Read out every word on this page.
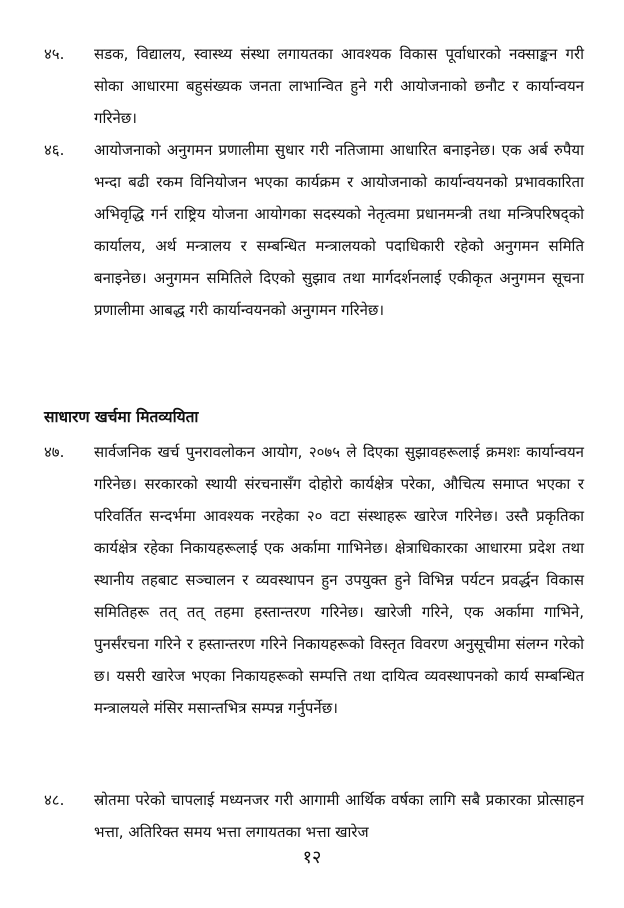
४५.	सडक, विद्यालय, स्वास्थ्य संस्था लगायतका आवश्यक विकास पूर्वाधारको नक्साङ्कन गरी सोका आधारमा बहुसंख्यक जनता लाभान्वित हुने गरी आयोजनाको छनौट र कार्यान्वयन गरिनेछ।
४६.	आयोजनाको अनुगमन प्रणालीमा सुधार गरी नतिजामा आधारित बनाइनेछ। एक अर्ब रुपैया भन्दा बढी रकम विनियोजन भएका कार्यक्रम र आयोजनाको कार्यान्वयनको प्रभावकारिता अभिवृद्धि गर्न राष्ट्रिय योजना आयोगका सदस्यको नेतृत्वमा प्रधानमन्त्री तथा मन्त्रिपरिषद्को कार्यालय, अर्थ मन्त्रालय र सम्बन्धित मन्त्रालयको पदाधिकारी रहेको अनुगमन समिति बनाइनेछ। अनुगमन समितिले दिएको सुझाव तथा मार्गदर्शनलाई एकीकृत अनुगमन सूचना प्रणालीमा आबद्ध गरी कार्यान्वयनको अनुगमन गरिनेछ।
साधारण खर्चमा मितव्ययिता
४७.	सार्वजनिक खर्च पुनरावलोकन आयोग, २०७५ ले दिएका सुझावहरूलाई क्रमशः कार्यान्वयन गरिनेछ। सरकारको स्थायी संरचनासँग दोहोरो कार्यक्षेत्र परेका, औचित्य समाप्त भएका र परिवर्तित सन्दर्भमा आवश्यक नरहेका २० वटा संस्थाहरू खारेज गरिनेछ। उस्तै प्रकृतिका कार्यक्षेत्र रहेका निकायहरूलाई एक अर्कामा गाभिनेछ। क्षेत्राधिकारका आधारमा प्रदेश तथा स्थानीय तहबाट सञ्चालन र व्यवस्थापन हुन उपयुक्त हुने विभिन्न पर्यटन प्रवर्द्धन विकास समितिहरू तत् तत् तहमा हस्तान्तरण गरिनेछ। खारेजी गरिने, एक अर्कामा गाभिने, पुनर्संरचना गरिने र हस्तान्तरण गरिने निकायहरूको विस्तृत विवरण अनुसूचीमा संलग्न गरेको छ। यसरी खारेज भएका निकायहरूको सम्पत्ति तथा दायित्व व्यवस्थापनको कार्य सम्बन्धित मन्त्रालयले मंसिर मसान्तभित्र सम्पन्न गर्नुपर्नेछ।
४८.	स्रोतमा परेको चापलाई मध्यनजर गरी आगामी आर्थिक वर्षका लागि सबै प्रकारका प्रोत्साहन भत्ता, अतिरिक्त समय भत्ता लगायतका भत्ता खारेज
१२
